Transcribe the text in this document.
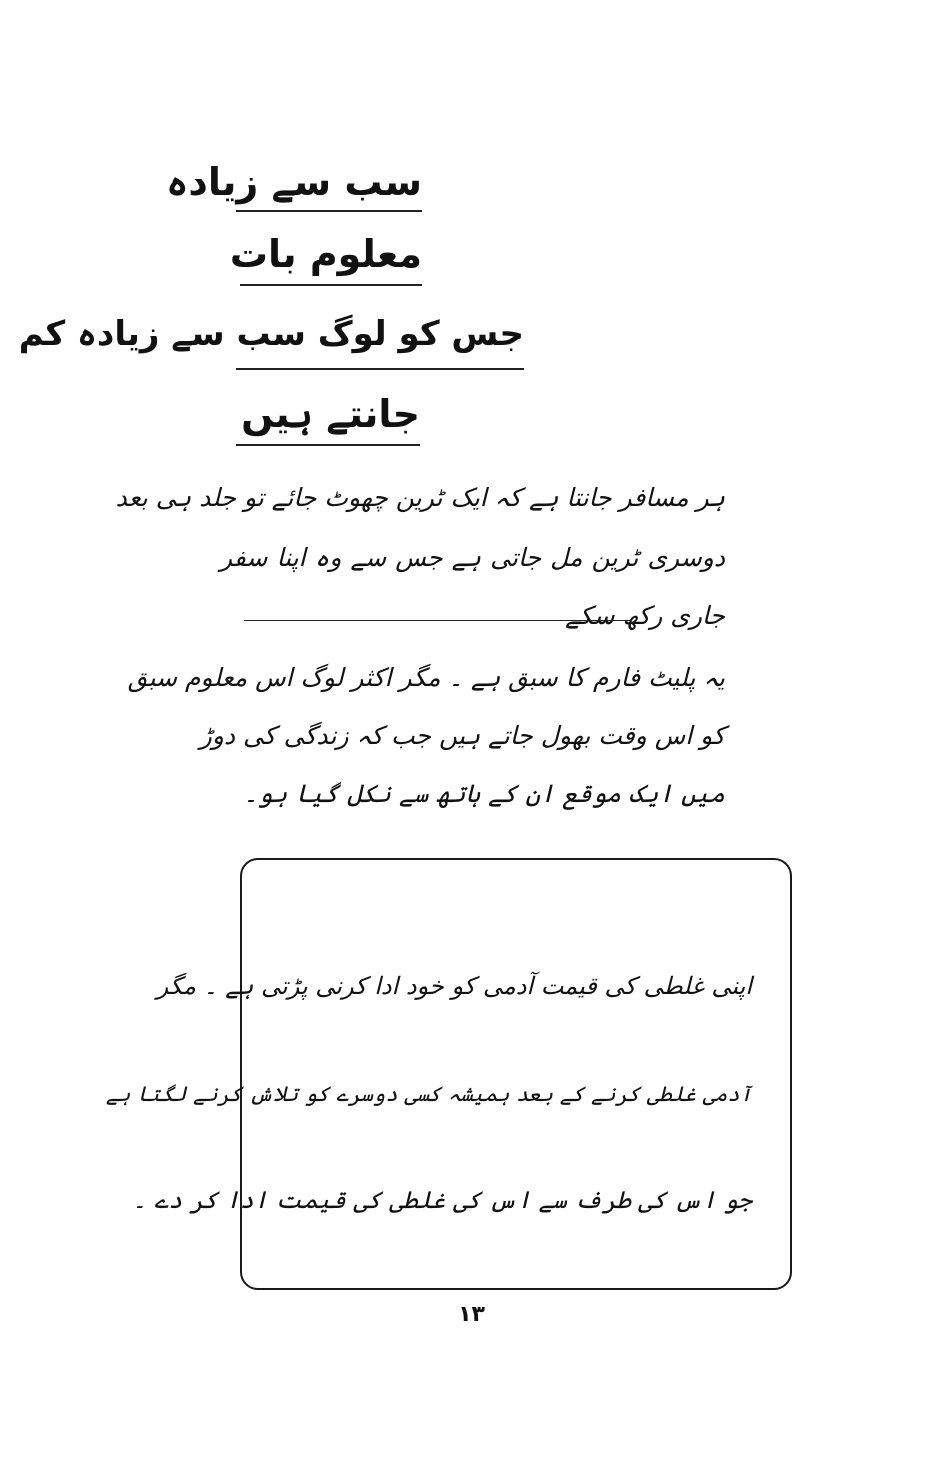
سب سے زیادہ
معلوم بات
جس کو لوگ سب سے زیادہ کم
جانتے ہیں
ہر مسافر جانتا ہے کہ ایک ٹرین چھوٹ جائے تو جلد ہی بعد
دوسری ٹرین مل جاتی ہے جس سے وہ اپنا سفر
جاری رکھ سکے
یہ پلیٹ فارم کا سبق ہے ۔ مگر اکثر لوگ اس معلوم سبق
کو اس وقت بھول جاتے ہیں جب کہ زندگی کی دوڑ
میں ایک موقع ان کے ہاتھ سے نکل گیا ہو۔
اپنی غلطی کی قیمت آدمی کو خود ادا کرنی پڑتی ہے ۔ مگر
آدمی غلطی کرنے کے بعد ہمیشہ کسی دوسرے کو تلاش کرنے لگتا ہے
جو اس کی طرف سے اس کی غلطی کی قیمت ادا کر دے ۔
۱۳
